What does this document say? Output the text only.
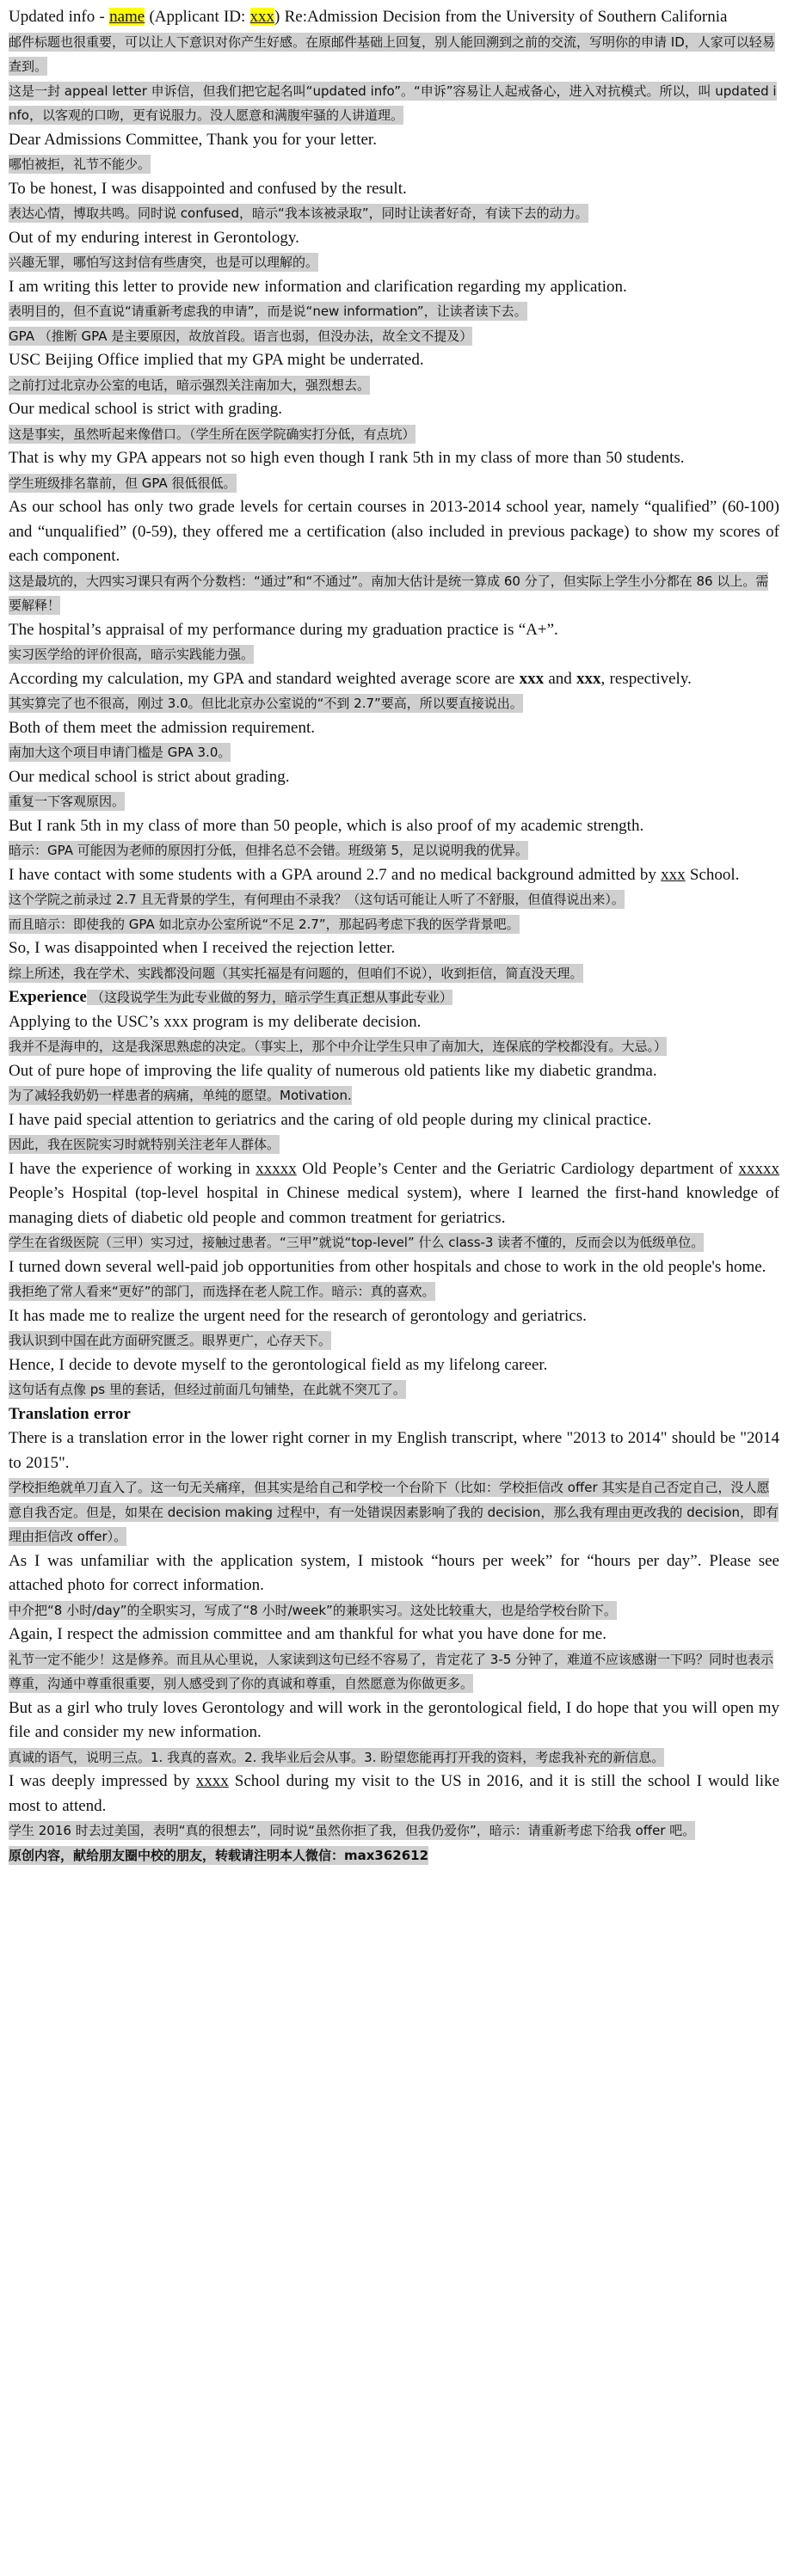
Updated info - name (Applicant ID: xxx) Re:Admission Decision from the University of Southern California

邮件标题也很重要，可以让人下意识对你产生好感。在原邮件基础上回复，别人能回溯到之前的交流，写明你的申请 ID，人家可以轻易查到。

这是一封 appeal letter 申诉信，但我们把它起名叫“updated info”。“申诉”容易让人起戒备心，进入对抗模式。所以，叫 updated info，以客观的口吻，更有说服力。没人愿意和满腹牢骚的人讲道理。

Dear Admissions Committee, Thank you for your letter.

哪怕被拒，礼节不能少。

To be honest, I was disappointed and confused by the result.

表达心情，博取共鸣。同时说 confused，暗示“我本该被录取”，同时让读者好奇，有读下去的动力。

Out of my enduring interest in Gerontology.

兴趣无罪，哪怕写这封信有些唐突，也是可以理解的。

I am writing this letter to provide new information and clarification regarding my application.

表明目的，但不直说“请重新考虑我的申请”，而是说“new information”，让读者读下去。

GPA （推断 GPA 是主要原因，故放首段。语言也弱，但没办法，故全文不提及）

USC Beijing Office implied that my GPA might be underrated.

之前打过北京办公室的电话，暗示强烈关注南加大，强烈想去。

Our medical school is strict with grading.

这是事实，虽然听起来像借口。（学生所在医学院确实打分低，有点坑）

That is why my GPA appears not so high even though I rank 5th in my class of more than 50 students.

学生班级排名靠前，但 GPA 很低很低。

As our school has only two grade levels for certain courses in 2013-2014 school year, namely “qualified” (60-100) and “unqualified” (0-59), they offered me a certification (also included in previous package) to show my scores of each component.

这是最坑的，大四实习课只有两个分数档：“通过”和“不通过”。南加大估计是统一算成 60 分了，但实际上学生小分都在 86 以上。需要解释！

The hospital’s appraisal of my performance during my graduation practice is “A+”.

实习医学给的评价很高，暗示实践能力强。

According my calculation, my GPA and standard weighted average score are xxx and xxx, respectively.

其实算完了也不很高，刚过 3.0。但比北京办公室说的“不到 2.7”要高，所以要直接说出。

Both of them meet the admission requirement.

南加大这个项目申请门槛是 GPA 3.0。

Our medical school is strict about grading.

重复一下客观原因。

But I rank 5th in my class of more than 50 people, which is also proof of my academic strength.

暗示：GPA 可能因为老师的原因打分低，但排名总不会错。班级第 5，足以说明我的优异。

I have contact with some students with a GPA around 2.7 and no medical background admitted by xxx School.

这个学院之前录过 2.7 且无背景的学生，有何理由不录我？（这句话可能让人听了不舒服，但值得说出来）。

而且暗示：即使我的 GPA 如北京办公室所说“不足 2.7”，那起码考虑下我的医学背景吧。

So, I was disappointed when I received the rejection letter.

综上所述，我在学术、实践都没问题（其实托福是有问题的，但咱们不说），收到拒信，简直没天理。

Experience （这段说学生为此专业做的努力，暗示学生真正想从事此专业）

Applying to the USC’s xxx program is my deliberate decision.

我并不是海申的，这是我深思熟虑的决定。（事实上，那个中介让学生只申了南加大，连保底的学校都没有。大忌。）

Out of pure hope of improving the life quality of numerous old patients like my diabetic grandma.

为了减轻我奶奶一样患者的病痛，单纯的愿望。Motivation.

I have paid special attention to geriatrics and the caring of old people during my clinical practice.

因此，我在医院实习时就特别关注老年人群体。

I have the experience of working in xxxxx Old People’s Center and the Geriatric Cardiology department of xxxxx People’s Hospital (top-level hospital in Chinese medical system), where I learned the first-hand knowledge of managing diets of diabetic old people and common treatment for geriatrics.

学生在省级医院（三甲）实习过，接触过患者。“三甲”就说“top-level” 什么 class-3 读者不懂的，反而会以为低级单位。

I turned down several well-paid job opportunities from other hospitals and chose to work in the old people's home.

我拒绝了常人看来“更好”的部门，而选择在老人院工作。暗示：真的喜欢。

It has made me to realize the urgent need for the research of gerontology and geriatrics.

我认识到中国在此方面研究匮乏。眼界更广，心存天下。

Hence, I decide to devote myself to the gerontological field as my lifelong career.

这句话有点像 ps 里的套话，但经过前面几句铺垫，在此就不突兀了。

Translation error

There is a translation error in the lower right corner in my English transcript, where "2013 to 2014" should be "2014 to 2015".

学校拒绝就单刀直入了。这一句无关痛痒，但其实是给自己和学校一个台阶下（比如：学校拒信改 offer 其实是自己否定自己，没人愿意自我否定。但是，如果在 decision making 过程中，有一处错误因素影响了我的 decision，那么我有理由更改我的 decision，即有理由拒信改 offer）。

As I was unfamiliar with the application system, I mistook “hours per week” for “hours per day”. Please see attached photo for correct information.

中介把“8 小时/day”的全职实习，写成了“8 小时/week”的兼职实习。这处比较重大，也是给学校台阶下。

Again, I respect the admission committee and am thankful for what you have done for me.

礼节一定不能少！这是修养。而且从心里说，人家读到这句已经不容易了，肯定花了 3-5 分钟了，难道不应该感谢一下吗？同时也表示尊重，沟通中尊重很重要，别人感受到了你的真诚和尊重，自然愿意为你做更多。

But as a girl who truly loves Gerontology and will work in the gerontological field, I do hope that you will open my file and consider my new information.

真诚的语气，说明三点。1. 我真的喜欢。2. 我毕业后会从事。3. 盼望您能再打开我的资料，考虑我补充的新信息。

I was deeply impressed by xxxx School during my visit to the US in 2016, and it is still the school I would like most to attend.

学生 2016 时去过美国，表明“真的很想去”，同时说“虽然你拒了我，但我仍爱你”，暗示：请重新考虑下给我 offer 吧。

原创内容，献给朋友圈中校的朋友，转载请注明本人微信：max362612
